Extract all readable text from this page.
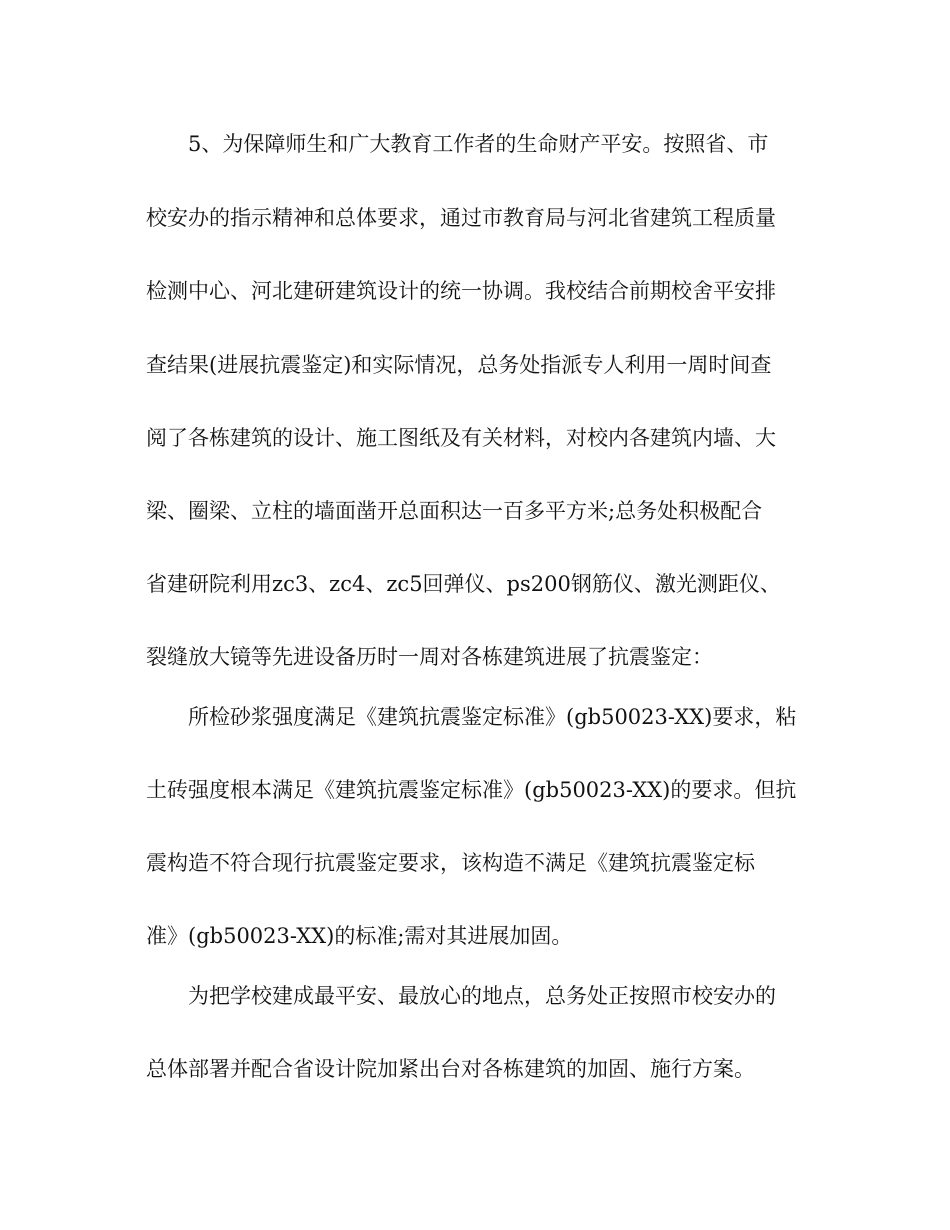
5、为保障师生和广大教育工作者的生命财产平安。按照省、市
校安办的指示精神和总体要求，通过市教育局与河北省建筑工程质量
检测中心、河北建研建筑设计的统一协调。我校结合前期校舍平安排
查结果(进展抗震鉴定)和实际情况，总务处指派专人利用一周时间查
阅了各栋建筑的设计、施工图纸及有关材料，对校内各建筑内墙、大
梁、圈梁、立柱的墙面凿开总面积达一百多平方米;总务处积极配合
省建研院利用zc3、zc4、zc5回弹仪、ps200钢筋仪、激光测距仪、
裂缝放大镜等先进设备历时一周对各栋建筑进展了抗震鉴定：
所检砂浆强度满足《建筑抗震鉴定标准》(gb50023-XX)要求，粘
土砖强度根本满足《建筑抗震鉴定标准》(gb50023-XX)的要求。但抗
震构造不符合现行抗震鉴定要求，该构造不满足《建筑抗震鉴定标
准》(gb50023-XX)的标准;需对其进展加固。
为把学校建成最平安、最放心的地点，总务处正按照市校安办的
总体部署并配合省设计院加紧出台对各栋建筑的加固、施行方案。
